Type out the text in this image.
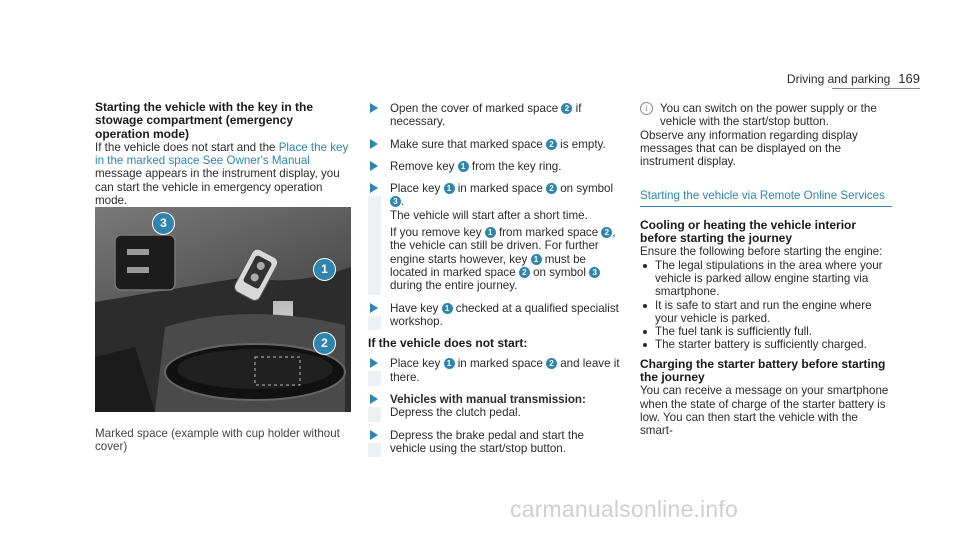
Driving and parking 169
Starting the vehicle with the key in the stowage compartment (emergency operation mode)

If the vehicle does not start and the Place the key in the marked space See Owner's Manual message appears in the instrument display, you can start the vehicle in emergency operation mode.

3
1
2
Marked space (example with cup holder without cover)
Open the cover of marked space 2 if necessary.
Make sure that marked space 2 is empty.
Remove key 1 from the key ring.
Place key 1 in marked space 2 on symbol 3 .

The vehicle will start after a short time.

If you remove key 1 from marked space 2 , the vehicle can still be driven. For further engine starts however, key 1 must be located in marked space 2 on symbol 3 during the entire journey.

Have key 1 checked at a qualified specialist workshop.
If the vehicle does not start:
Place key 1 in marked space 2 and leave it there.
Vehicles with manual transmission: Depress the clutch pedal.
Depress the brake pedal and start the vehicle using the start/stop button.
i	You can switch on the power supply or the vehicle with the start/stop button.

Observe any information regarding display messages that can be displayed on the instrument display.

Starting the vehicle via Remote Online Services
Cooling or heating the vehicle interior before starting the journey

Ensure the following before starting the engine:

The legal stipulations in the area where your vehicle is parked allow engine starting via smartphone.
It is safe to start and run the engine where your vehicle is parked.
The fuel tank is sufficiently full.
The starter battery is sufficiently charged.
Charging the starter battery before starting the journey

You can receive a message on your smartphone when the state of charge of the starter battery is low. You can then start the vehicle with the smart-

carmanualsonline.info
